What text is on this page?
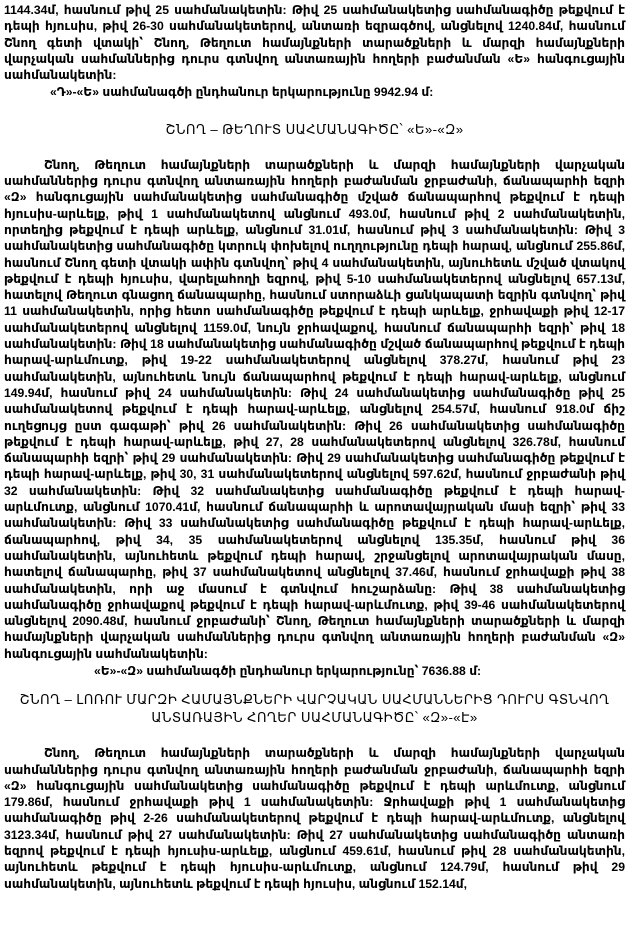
1144.34մ, հասնում թիվ 25 սահմանակետին: Թիվ 25 սահմանակետից սահմանագիծը թեքվում է դեպի հյուսիս, թիվ 26-30 սահմանակետերով, անտառի եզրագծով, անցնելով 1240.84մ, հասնում Շնող գետի վտակի՝ Շնող, Թեղուտ համայնքների տարածքների և մարզի համայնքների վարչական սահմաններից դուրս գտնվող անտառային հողերի բաժանման «Ե» հանգուցային սահմանակետին:

«Դ»-«Ե» սահմանագծի ընդհանուր երկարությունը 9942.94 մ:

ՇՆՈՂ – ԹԵՂՈՒՏ ՍԱՀՄԱՆԱԳԻԾԸ՝ «Ե»-«Զ»

Շնող, Թեղուտ համայնքների տարածքների և մարզի համայնքների վարչական սահմաններից դուրս գտնվող անտառային հողերի բաժանման ջրբաժանի, ճանապարհի եզրի «Զ» հանգուցային սահմանակետից սահմանագիծը մշված ճանապարհով թեքվում է դեպի հյուսիս-արևելք, թիվ 1 սահմանակետով անցնում 493.0մ, հասնում թիվ 2 սահմանակետին, որտեղից թեքվում է դեպի արևելք, անցնում 31.01մ, հասնում թիվ 3 սահմանակետին: Թիվ 3 սահմանակետից սահմանագիծը կտրուկ փոխելով ուղղությունը դեպի հարավ, անցնում 255.86մ, հասնում Շնող գետի վտակի ափին գտնվող՝ թիվ 4 սահմանակետին, այնուհետև մշված վտակով թեքվում է դեպի հյուսիս, վարելահողի եզրով, թիվ 5-10 սահմանակետերով անցնելով 657.13մ, հատելով Թեղուտ գնացող ճանապարհը, հասնում ստորաձևի ցանկապատի եզրին գտնվող՝ թիվ 11 սահմանակետին, որից հետո սահմանագիծը թեքվում է դեպի արևելք, ջրհավաքի թիվ 12-17 սահմանակետերով անցնելով 1159.0մ, նույն ջրհավաքով, հասնում ճանապարհի եզրի՝ թիվ 18 սահմանակետին: Թիվ 18 սահմանակետից սահմանագիծը մշված ճանապարհով թեքվում է դեպի հարավ-արևմուտք, թիվ 19-22 սահմանակետերով անցնելով 378.27մ, հասնում թիվ 23 սահմանակետին, այնուհետև նույն ճանապարհով թեքվում է դեպի հարավ-արևելք, անցնում 149.94մ, հասնում թիվ 24 սահմանակետին: Թիվ 24 սահմանակետից սահմանագիծը թիվ 25 սահմանակետով թեքվում է դեպի հարավ-արևելք, անցնելով 254.57մ, հասնում 918.0մ ճիշ ուղեցույց ըստ գագաթի՝ թիվ 26 սահմանակետին: Թիվ 26 սահմանակետից սահմանագիծը թեքվում է դեպի հարավ-արևելք, թիվ 27, 28 սահմանակետերով անցնելով 326.78մ, հասնում ճանապարհի եզրի՝ թիվ 29 սահմանակետին: Թիվ 29 սահմանակետից սահմանագիծը թեքվում է դեպի հարավ-արևելք, թիվ 30, 31 սահմանակետերով անցնելով 597.62մ, հասնում ջրբաժանի թիվ 32 սահմանակետին: Թիվ 32 սահմանակետից սահմանագիծը թեքվում է դեպի հարավ-արևմուտք, անցնում 1070.41մ, հասնում ճանապարհի և արոտավայրական մասի եզրի՝ թիվ 33 սահմանակետին: Թիվ 33 սահմանակետից սահմանագիծը թեքվում է դեպի հարավ-արևելք, ճանապարհով, թիվ 34, 35 սահմանակետերով անցնելով 135.35մ, հասնում թիվ 36 սահմանակետին, այնուհետև թեքվում դեպի հարավ, շրջանցելով արոտավայրական մասը, հատելով ճանապարհը, թիվ 37 սահմանակետով անցնելով 37.46մ, հասնում ջրհավաքի թիվ 38 սահմանակետին, որի աջ մասում է գտնվում հուշարձանը: Թիվ 38 սահմանակետից սահմանագիծը ջրհավաքով թեքվում է դեպի հարավ-արևմուտք, թիվ 39-46 սահմանակետերով անցնելով 2090.48մ, հասնում ջրբաժանի՝ Շնող, Թեղուտ համայնքների տարածքների և մարզի համայնքների վարչական սահմաններից դուրս գտնվող անտառային հողերի բաժանման «Զ» հանգուցային սահմանակետին:

«Ե»-«Զ» սահմանագծի ընդհանուր երկարությունը՝ 7636.88 մ:

ՇՆՈՂ – ԼՈՌՈՒ ՄԱՐԶԻ ՀԱՄԱՅՆՔՆԵՐԻ ՎԱՐՉԱԿԱՆ ՍԱՀՄԱՆՆԵՐԻՑ ԴՈՒՐՍ ԳՏՆՎՈՂ
ԱՆՏԱՌԱՅԻՆ ՀՈՂԵՐ ՍԱՀՄԱՆԱԳԻԾԸ՝ «Զ»-«Է»

Շնող, Թեղուտ համայնքների տարածքների և մարզի համայնքների վարչական սահմաններից դուրս գտնվող անտառային հողերի բաժանման ջրբաժանի, ճանապարհի եզրի «Զ» հանգուցային սահմանակետից սահմանագիծը թեքվում է դեպի արևմուտք, անցնում 179.86մ, հասնում ջրհավաքի թիվ 1 սահմանակետին: Ջրհավաքի թիվ 1 սահմանակետից սահմանագիծը թիվ 2-26 սահմանակետերով թեքվում է դեպի հարավ-արևմուտք, անցնելով 3123.34մ, հասնում թիվ 27 սահմանակետին: Թիվ 27 սահմանակետից սահմանագիծը անտառի եզրով թեքվում է դեպի հյուսիս-արևելք, անցնում 459.61մ, հասնում թիվ 28 սահմանակետին, այնուհետև թեքվում է դեպի հյուսիս-արևմուտք, անցնում 124.79մ, հասնում թիվ 29 սահմանակետին, այնուհետև թեքվում է դեպի հյուսիս, անցնում 152.14մ,
